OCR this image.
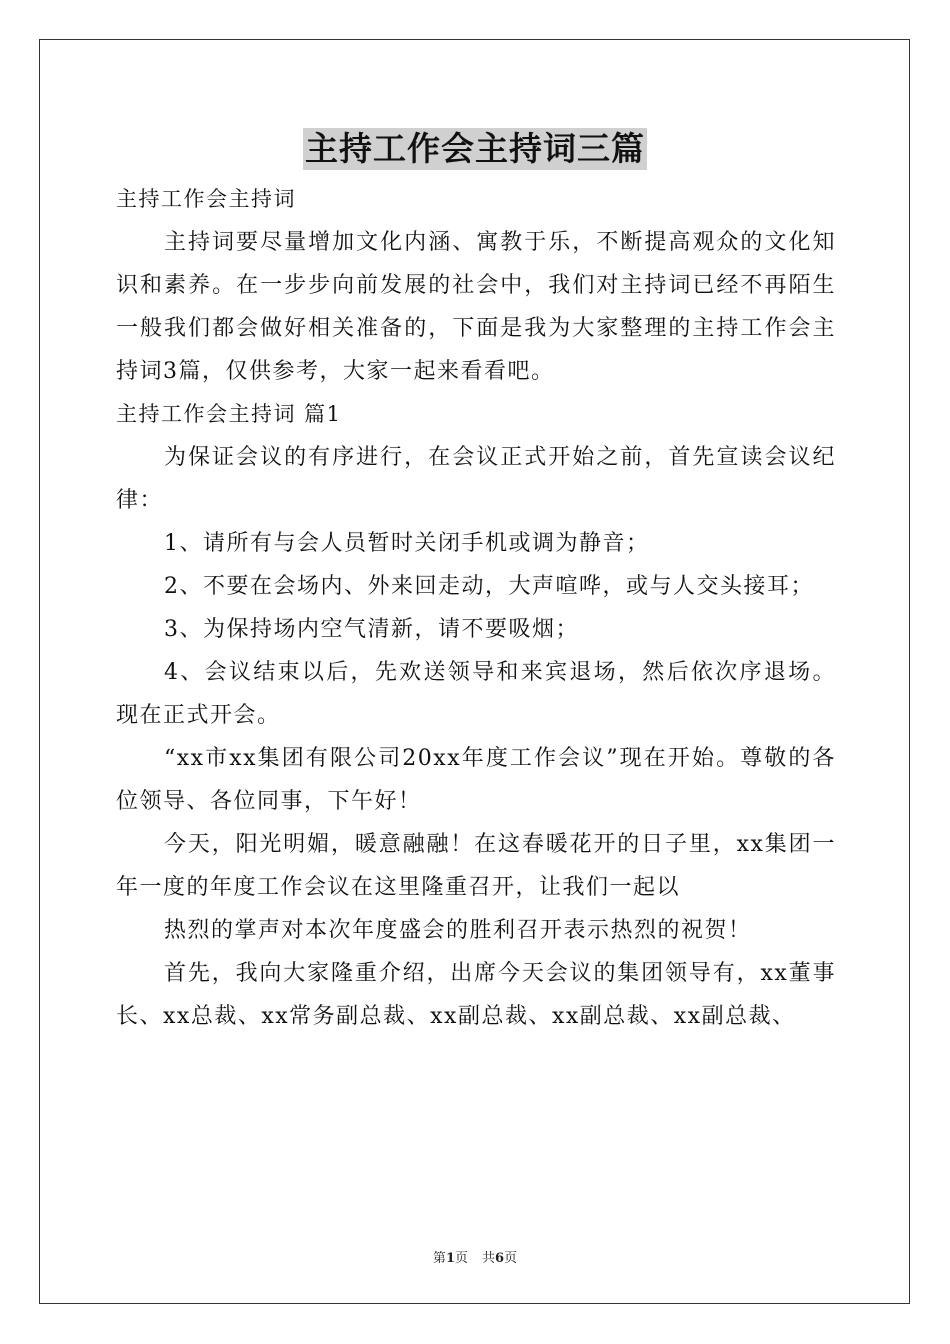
主持工作会主持词三篇

主持工作会主持词

主持词要尽量增加文化内涵、寓教于乐，不断提高观众的文化知识和素养。在一步步向前发展的社会中，我们对主持词已经不再陌生一般我们都会做好相关准备的，下面是我为大家整理的主持工作会主持词3篇，仅供参考，大家一起来看看吧。

主持工作会主持词 篇1

为保证会议的有序进行，在会议正式开始之前，首先宣读会议纪律：

1、请所有与会人员暂时关闭手机或调为静音；

2、不要在会场内、外来回走动，大声喧哗，或与人交头接耳；

3、为保持场内空气清新，请不要吸烟；

4、会议结束以后，先欢送领导和来宾退场，然后依次序退场。现在正式开会。

“xx市xx集团有限公司20xx年度工作会议”现在开始。尊敬的各位领导、各位同事，下午好！

今天，阳光明媚，暖意融融！在这春暖花开的日子里，xx集团一年一度的年度工作会议在这里隆重召开，让我们一起以

热烈的掌声对本次年度盛会的胜利召开表示热烈的祝贺！

首先，我向大家隆重介绍，出席今天会议的集团领导有，xx董事长、xx总裁、xx常务副总裁、xx副总裁、xx副总裁、xx副总裁、

第1页 共6页
